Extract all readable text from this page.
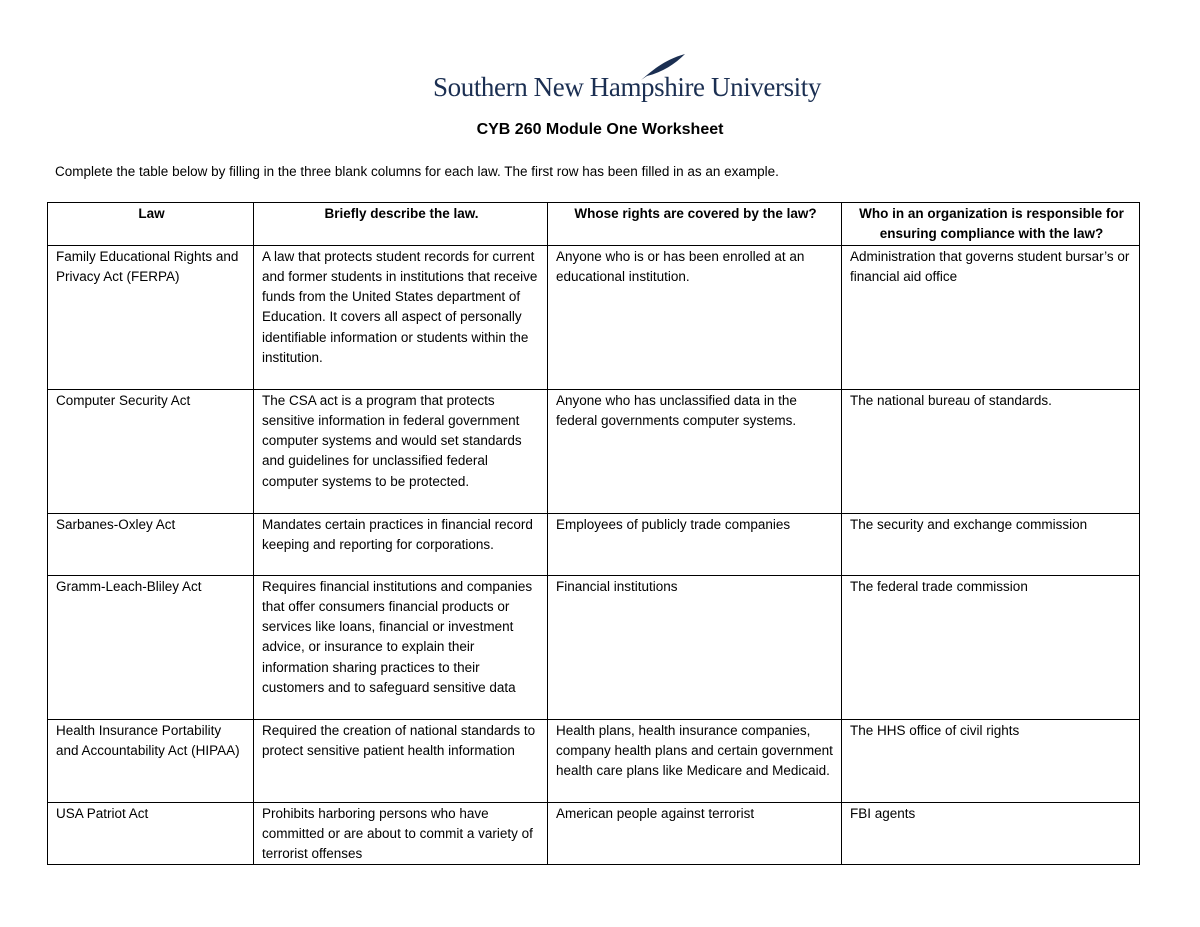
Southern New Hampshire University
CYB 260 Module One Worksheet
Complete the table below by filling in the three blank columns for each law. The first row has been filled in as an example.
Law	Briefly describe the law.	Whose rights are covered by the law?	Who in an organization is responsible for ensuring compliance with the law?
Family Educational Rights and Privacy Act (FERPA)	A law that protects student records for current and former students in institutions that receive funds from the United States department of Education. It covers all aspect of personally identifiable information or students within the institution.	Anyone who is or has been enrolled at an educational institution.	Administration that governs student bursar’s or financial aid office
Computer Security Act	The CSA act is a program that protects sensitive information in federal government computer systems and would set standards and guidelines for unclassified federal computer systems to be protected.	Anyone who has unclassified data in the federal governments computer systems.	The national bureau of standards.
Sarbanes-Oxley Act	Mandates certain practices in financial record keeping and reporting for corporations.	Employees of publicly trade companies	The security and exchange commission
Gramm-Leach-Bliley Act	Requires financial institutions and companies that offer consumers financial products or services like loans, financial or investment advice, or insurance to explain their information sharing practices to their customers and to safeguard sensitive data	Financial institutions	The federal trade commission
Health Insurance Portability and Accountability Act (HIPAA)	Required the creation of national standards to protect sensitive patient health information	Health plans, health insurance companies, company health plans and certain government health care plans like Medicare and Medicaid.	The HHS office of civil rights
USA Patriot Act	Prohibits harboring persons who have committed or are about to commit a variety of terrorist offenses	American people against terrorist	FBI agents
